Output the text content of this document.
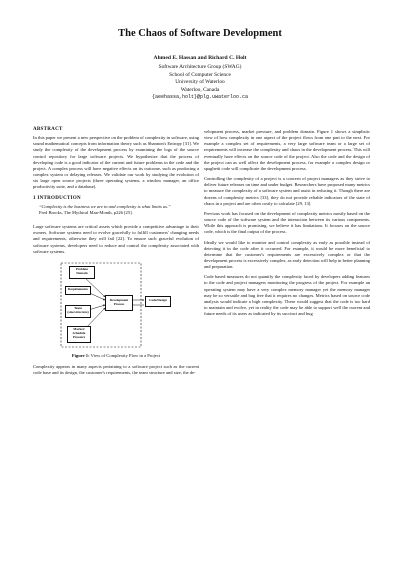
The Chaos of Software Development
Ahmed E. Hassan and Richard C. Holt
Software Architecture Group (SWAG)
School of Computer Science
University of Waterloo
Waterloo, Canada
{aeehassa,holt}@plg.uwaterloo.ca
ABSTRACT

In this paper we present a new perspective on the problem of complexity in software, using sound mathematical concepts from information theory such as Shannon's Entropy [31]. We study the complexity of the development process by examining the logs of the source control repository for large software projects. We hypothesize that the process of developing code is a good indicator of the current and future problems in the code and the project. A complex process will have negative effects on its outcome, such as producing a complex system or delaying releases. We validate our work by studying the evolution of six large open source projects (three operating systems, a window manager, an office productivity suite, and a database).

1 INTRODUCTION
“Complexity is the business we are in and complexity is what limits us.”
Fred Brooks, The Mythical Man-Month, p226 [25].

Large software systems are critical assets which provide a competitive advantage to their owners. Software systems need to evolve gracefully to fulfill customers' changing needs and requirements, otherwise they will fail [22]. To ensure such graceful evolution of software systems, developers need to reduce and control the complexity associated with software systems.

Problem Domain
Requirements
Team (size/structure)
Market/ Schedule Pressure
Development Process
Code/Design
Figure 1: View of Complexity Flow in a Project

Complexity appears in many aspects pertaining to a software project such as the current code base and its design, the customer's requirements, the team structure and size, the de-

velopment process, market pressure, and problem domain. Figure 1 shows a simplistic view of how complexity in one aspect of the project flows from one part to the next. For example a complex set of requirements, a very large software team or a large set of requirements will increase the complexity and chaos in the development process. This will eventually have effects on the source code of the project. Also the code and the design of the project can as well affect the development process, for example a complex design or spaghetti code will complicate the development process.

Controlling the complexity of a project is a concern of project managers as they strive to deliver future releases on time and under budget. Researchers have proposed many metrics to measure the complexity of a software system and assist in reducing it. Though there are dozens of complexity metrics [33], they do not provide reliable indicators of the state of chaos in a project and are often costly to calculate [29, 13].

Previous work has focused on the development of complexity metrics mostly based on the source code of the software system and the interaction between its various components. While this approach is promising, we believe it has limitations. It focuses on the source code, which is the final output of the process.

Ideally we would like to monitor and control complexity as early as possible instead of detecting it in the code after it occurred. For example, it would be more beneficial to determine that the customer's requirements are excessively complex or that the development process is excessively complex, as early detection will help in better planning and preparation.

Code based measures do not quantify the complexity faced by developers adding features to the code and project managers monitoring the progress of the project. For example an operating system may have a very complex memory manager yet the memory manager may be so versatile and bug free that it requires no changes. Metrics based on source code analysis would indicate a high complexity. These would suggest that the code is too hard to maintain and evolve, yet in reality the code may be able to support well the current and future needs of its users as indicated by its succinct and bug
